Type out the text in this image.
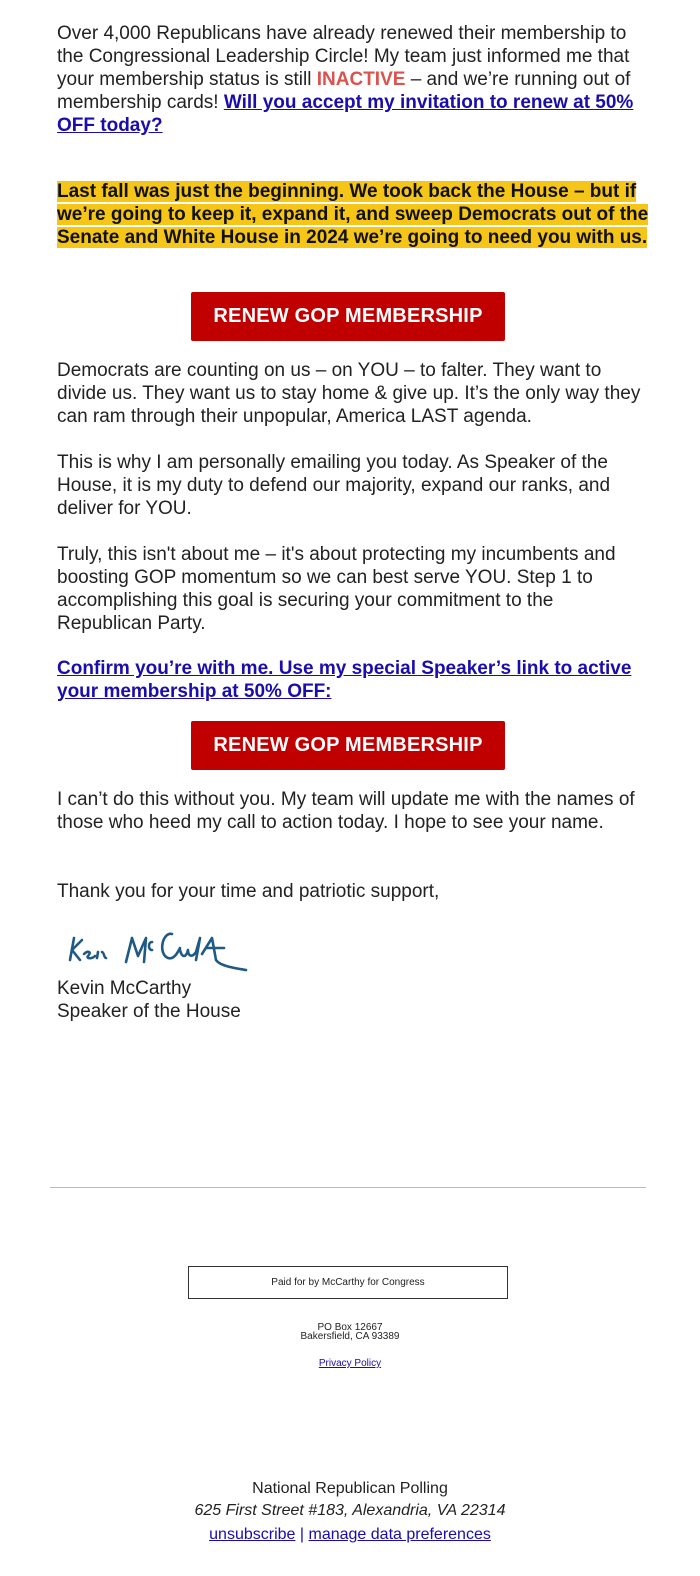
Over 4,000 Republicans have already renewed their membership to the Congressional Leadership Circle! My team just informed me that your membership status is still INACTIVE – and we’re running out of membership cards! Will you accept my invitation to renew at 50% OFF today?

Last fall was just the beginning. We took back the House – but if we’re going to keep it, expand it, and sweep Democrats out of the Senate and White House in 2024 we’re going to need you with us.
RENEW GOP MEMBERSHIP

Democrats are counting on us – on YOU – to falter. They want to divide us. They want us to stay home & give up. It’s the only way they can ram through their unpopular, America LAST agenda.

This is why I am personally emailing you today. As Speaker of the House, it is my duty to defend our majority, expand our ranks, and deliver for YOU.

Truly, this isn't about me – it's about protecting my incumbents and boosting GOP momentum so we can best serve YOU. Step 1 to accomplishing this goal is securing your commitment to the Republican Party.

Confirm you’re with me. Use my special Speaker’s link to active your membership at 50% OFF:

RENEW GOP MEMBERSHIP

I can’t do this without you. My team will update me with the names of those who heed my call to action today. I hope to see your name.

Thank you for your time and patriotic support,

Kevin McCarthy

Speaker of the House

Paid for by McCarthy for Congress
PO Box 12667
Bakersfield, CA 93389
Privacy Policy
National Republican Polling
625 First Street #183, Alexandria, VA 22314
unsubscribe | manage data preferences
